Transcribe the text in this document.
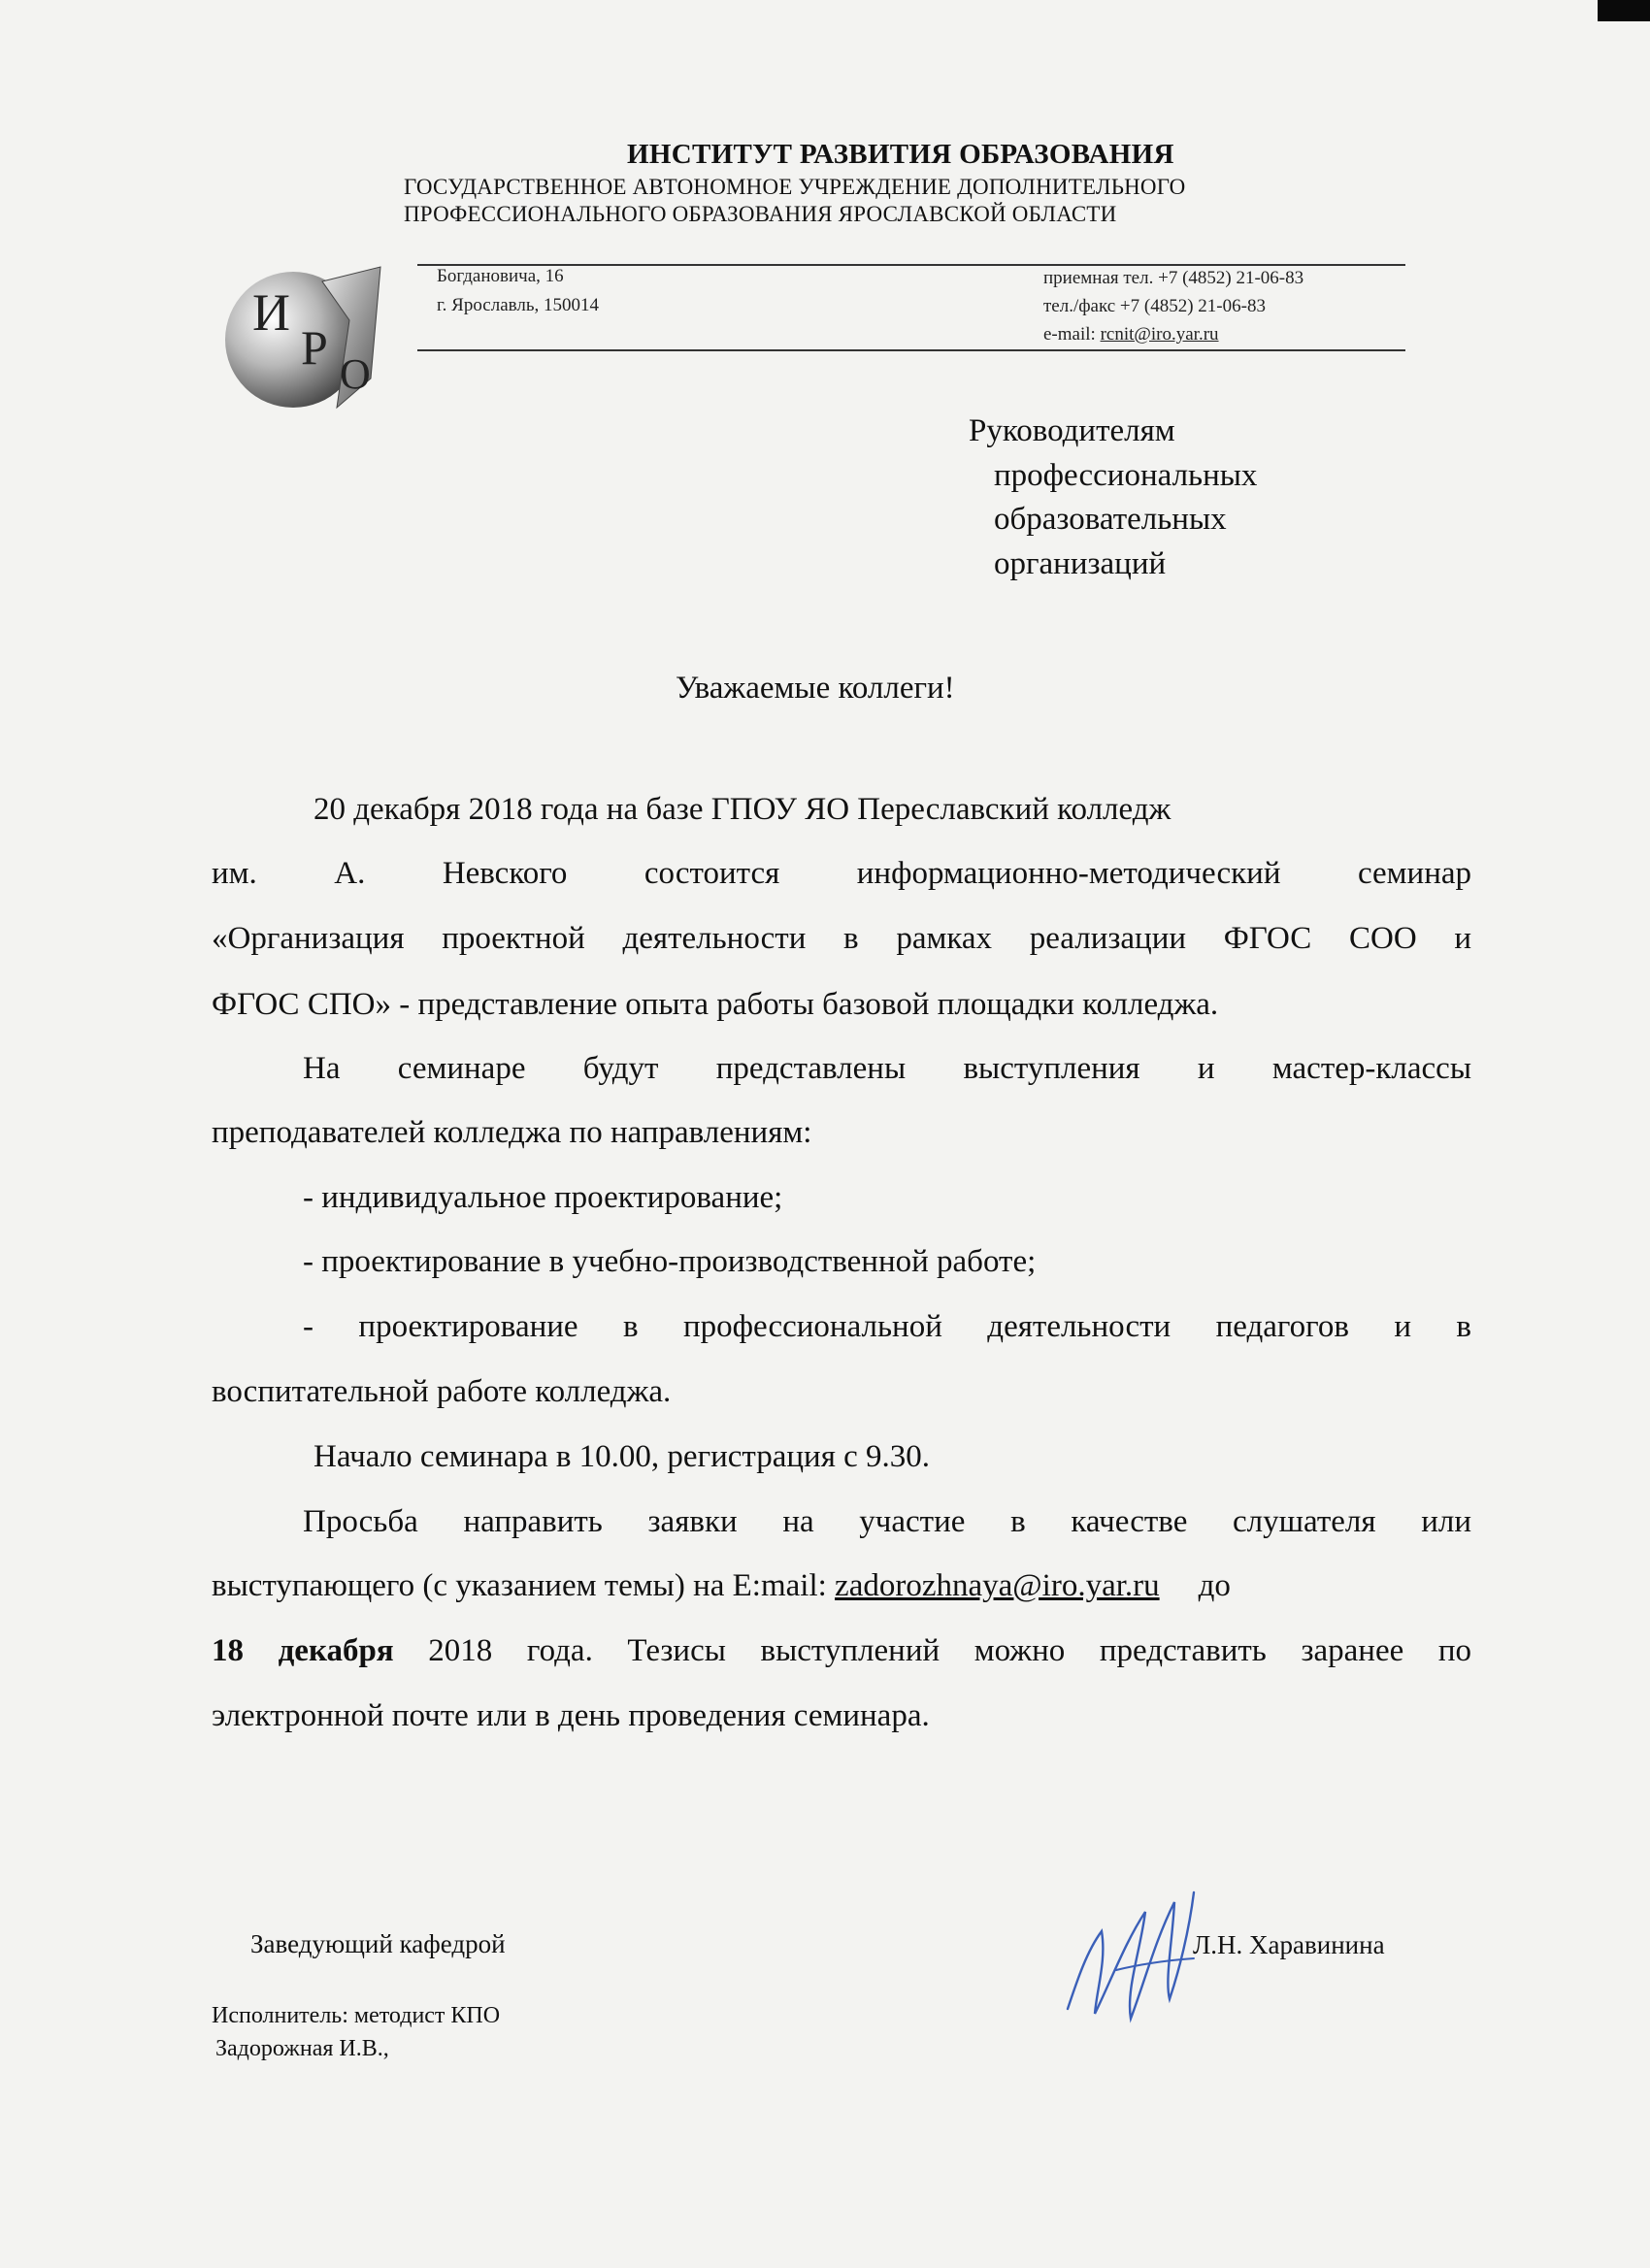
ИНСТИТУТ РАЗВИТИЯ ОБРАЗОВАНИЯ
ГОСУДАРСТВЕННОЕ АВТОНОМНОЕ УЧРЕЖДЕНИЕ ДОПОЛНИТЕЛЬНОГО
ПРОФЕССИОНАЛЬНОГО ОБРАЗОВАНИЯ ЯРОСЛАВСКОЙ ОБЛАСТИ
И
Р О
Богдановича, 16
г. Ярославль, 150014
приемная тел. +7 (4852) 21-06-83
тел./факс +7 (4852) 21-06-83
e-mail: rcnit@iro.yar.ru
Руководителям
профессиональных
образовательных
организаций
Уважаемые коллеги!
20 декабря 2018 года на базе ГПОУ ЯО Переславский колледж
им. А. Невского состоится информационно-методический семинар
«Организация проектной деятельности в рамках реализации ФГОС СОО и
ФГОС СПО» - представление опыта работы базовой площадки колледжа.
На семинаре будут представлены выступления и мастер-классы
преподавателей колледжа по направлениям:
- индивидуальное проектирование;
- проектирование в учебно-производственной работе;
- проектирование в профессиональной деятельности педагогов и в
воспитательной работе колледжа.
Начало семинара в 10.00, регистрация с 9.30.
Просьба направить заявки на участие в качестве слушателя или
выступающего (с указанием темы) на E:mail: zadorozhnaya@iro.yar.ru до
18 декабря 2018 года. Тезисы выступлений можно представить заранее по
электронной почте или в день проведения семинара.
Заведующий кафедрой	Л.Н. Харавинина
Исполнитель: методист КПО
Задорожная И.В.,
